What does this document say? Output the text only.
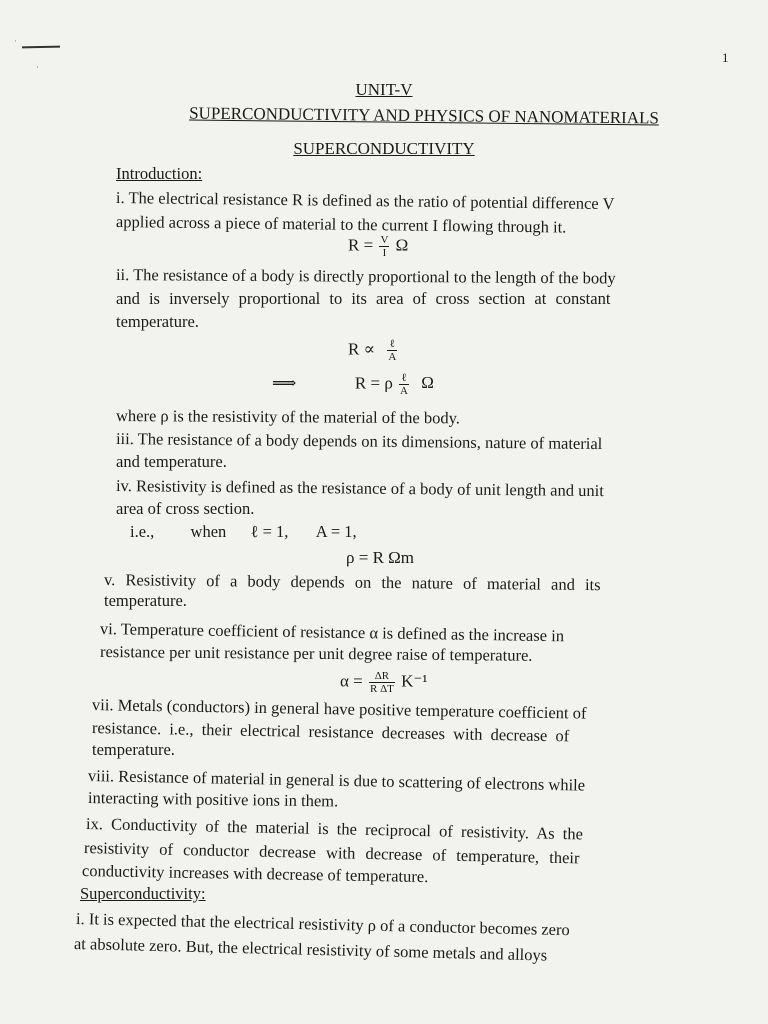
·
·
1
UNIT-V
SUPERCONDUCTIVITY AND PHYSICS OF NANOMATERIALS
SUPERCONDUCTIVITY
Introduction:
i. The electrical resistance R is defined as the ratio of potential difference V
applied across a piece of material to the current I flowing through it.
$R = \frac{V}{I}$ Ω
ii. The resistance of a body is directly proportional to the length of the body
and is inversely proportional to its area of cross section at constant
temperature.
$R \propto \frac{\text{ℓ}}{A}$
⟹	R = ρ $\frac{\text{ℓ}}{A}$ Ω
where ρ is the resistivity of the material of the body.
iii. The resistance of a body depends on its dimensions, nature of material
and temperature.
iv. Resistivity is defined as the resistance of a body of unit length and unit
area of cross section.
i.e., when ℓ = 1, A = 1,
ρ = R Ωm
v. Resistivity of a body depends on the nature of material and its
temperature.
vi. Temperature coefficient of resistance α is defined as the increase in
resistance per unit resistance per unit degree raise of temperature.
$\alpha = \frac{\Delta R}{\text{R ΔT}} K^{-1}$
vii. Metals (conductors) in general have positive temperature coefficient of
resistance. i.e., their electrical resistance decreases with decrease of
temperature.
viii. Resistance of material in general is due to scattering of electrons while
interacting with positive ions in them.
ix. Conductivity of the material is the reciprocal of resistivity. As the
resistivity of conductor decrease with decrease of temperature, their
conductivity increases with decrease of temperature.
Superconductivity:
i. It is expected that the electrical resistivity ρ of a conductor becomes zero
at absolute zero. But, the electrical resistivity of some metals and alloys
